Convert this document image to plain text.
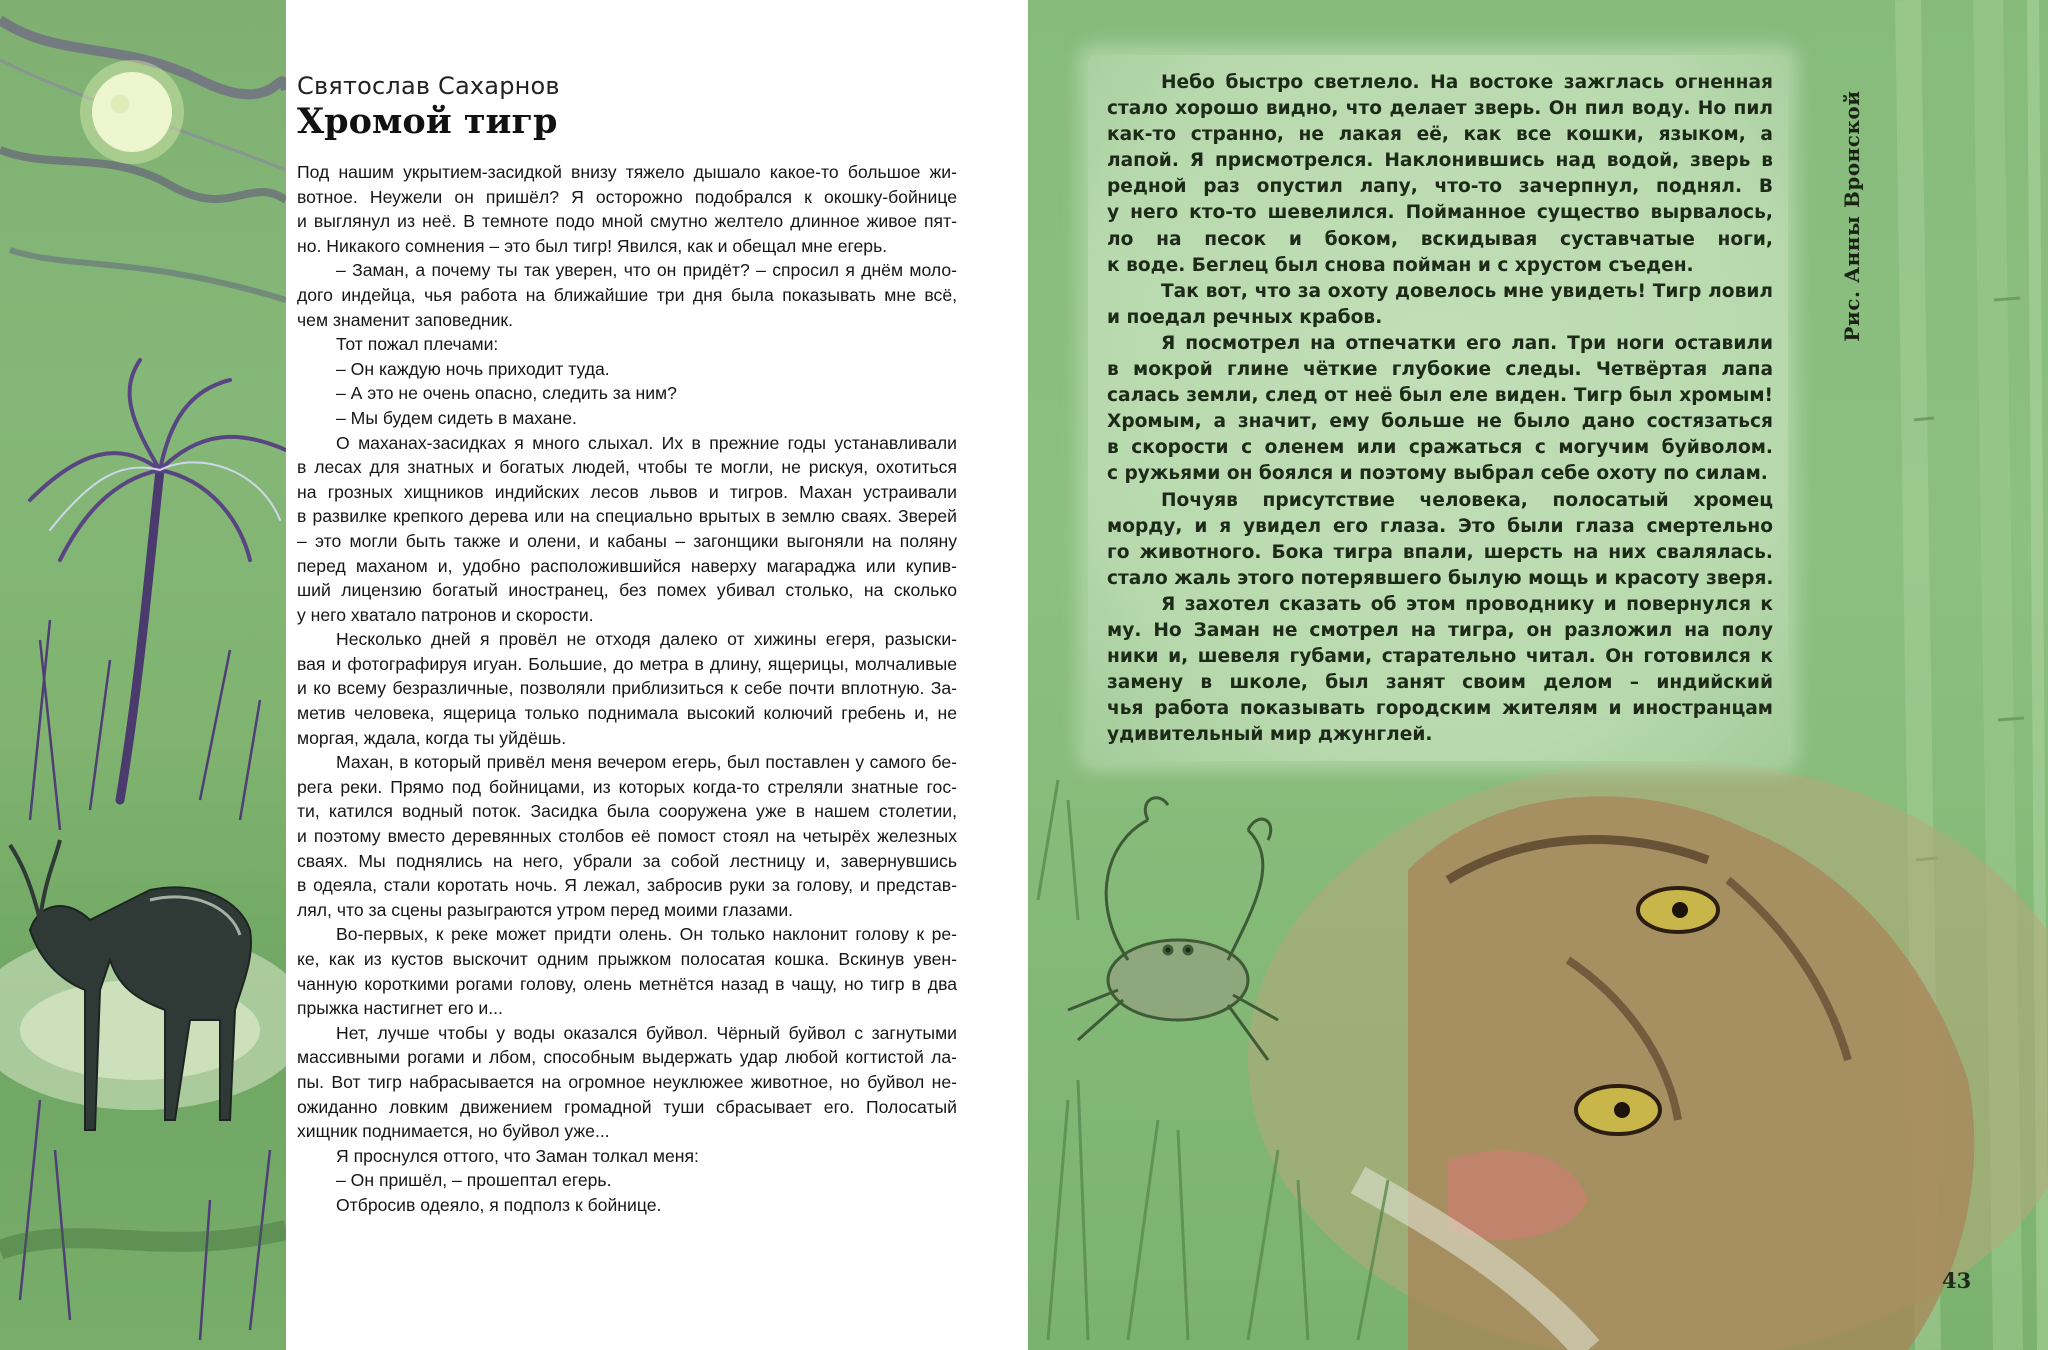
Святослав Сахарнов
Хромой тигр
Под нашим укрытием-засидкой внизу тяжело дышало какое-то большое жи-
вотное. Неужели он пришёл? Я осторожно подобрался к окошку-бойнице
и выглянул из неё. В темноте подо мной смутно желтело длинное живое пят-
но. Никакого сомнения – это был тигр! Явился, как и обещал мне егерь.
– Заман, а почему ты так уверен, что он придёт? – спросил я днём моло-
дого индейца, чья работа на ближайшие три дня была показывать мне всё,
чем знаменит заповедник.
Тот пожал плечами:
– Он каждую ночь приходит туда.
– А это не очень опасно, следить за ним?
– Мы будем сидеть в махане.
О маханах-засидках я много слыхал. Их в прежние годы устанавливали
в лесах для знатных и богатых людей, чтобы те могли, не рискуя, охотиться
на грозных хищников индийских лесов львов и тигров. Махан устраивали
в развилке крепкого дерева или на специально врытых в землю сваях. Зверей
– это могли быть также и олени, и кабаны – загонщики выгоняли на поляну
перед маханом и, удобно расположившийся наверху магараджа или купив-
ший лицензию богатый иностранец, без помех убивал столько, на сколько
у него хватало патронов и скорости.
Несколько дней я провёл не отходя далеко от хижины егеря, разыски-
вая и фотографируя игуан. Большие, до метра в длину, ящерицы, молчаливые
и ко всему безразличные, позволяли приблизиться к себе почти вплотную. За-
метив человека, ящерица только поднимала высокий колючий гребень и, не
моргая, ждала, когда ты уйдёшь.
Махан, в который привёл меня вечером егерь, был поставлен у самого бе-
рега реки. Прямо под бойницами, из которых когда-то стреляли знатные гос-
ти, катился водный поток. Засидка была сооружена уже в нашем столетии,
и поэтому вместо деревянных столбов её помост стоял на четырёх железных
сваях. Мы поднялись на него, убрали за собой лестницу и, завернувшись
в одеяла, стали коротать ночь. Я лежал, забросив руки за голову, и представ-
лял, что за сцены разыграются утром перед моими глазами.
Во-первых, к реке может придти олень. Он только наклонит голову к ре-
ке, как из кустов выскочит одним прыжком полосатая кошка. Вскинув увен-
чанную короткими рогами голову, олень метнётся назад в чащу, но тигр в два
прыжка настигнет его и...
Нет, лучше чтобы у воды оказался буйвол. Чёрный буйвол с загнутыми
массивными рогами и лбом, способным выдержать удар любой когтистой ла-
пы. Вот тигр набрасывается на огромное неуклюжее животное, но буйвол не-
ожиданно ловким движением громадной туши сбрасывает его. Полосатый
хищник поднимается, но буйвол уже...
Я проснулся оттого, что Заман толкал меня:
– Он пришёл, – прошептал егерь.
Отбросив одеяло, я подполз к бойнице.
Небо быстро светлело. На востоке зажглась огненная
стало хорошо видно, что делает зверь. Он пил воду. Но пил
как-то странно, не лакая её, как все кошки, языком, а
лапой. Я присмотрелся. Наклонившись над водой, зверь в
редной раз опустил лапу, что-то зачерпнул, поднял. В
у него кто-то шевелился. Пойманное существо вырвалось,
ло на песок и боком, вскидывая суставчатые ноги,
к воде. Беглец был снова пойман и с хрустом съеден.
Так вот, что за охоту довелось мне увидеть! Тигр ловил
и поедал речных крабов.
Я посмотрел на отпечатки его лап. Три ноги оставили
в мокрой глине чёткие глубокие следы. Четвёртая лапа
салась земли, след от неё был еле виден. Тигр был хромым!
Хромым, а значит, ему больше не было дано состязаться
в скорости с оленем или сражаться с могучим буйволом.
с ружьями он боялся и поэтому выбрал себе охоту по силам.
Почуяв присутствие человека, полосатый хромец
морду, и я увидел его глаза. Это были глаза смертельно
го животного. Бока тигра впали, шерсть на них свалялась.
стало жаль этого потерявшего былую мощь и красоту зверя.
Я захотел сказать об этом проводнику и повернулся к
му. Но Заман не смотрел на тигра, он разложил на полу
ники и, шевеля губами, старательно читал. Он готовился к
замену в школе, был занят своим делом – индийский
чья работа показывать городским жителям и иностранцам
удивительный мир джунглей.
Рис. Анны Вронской
43
